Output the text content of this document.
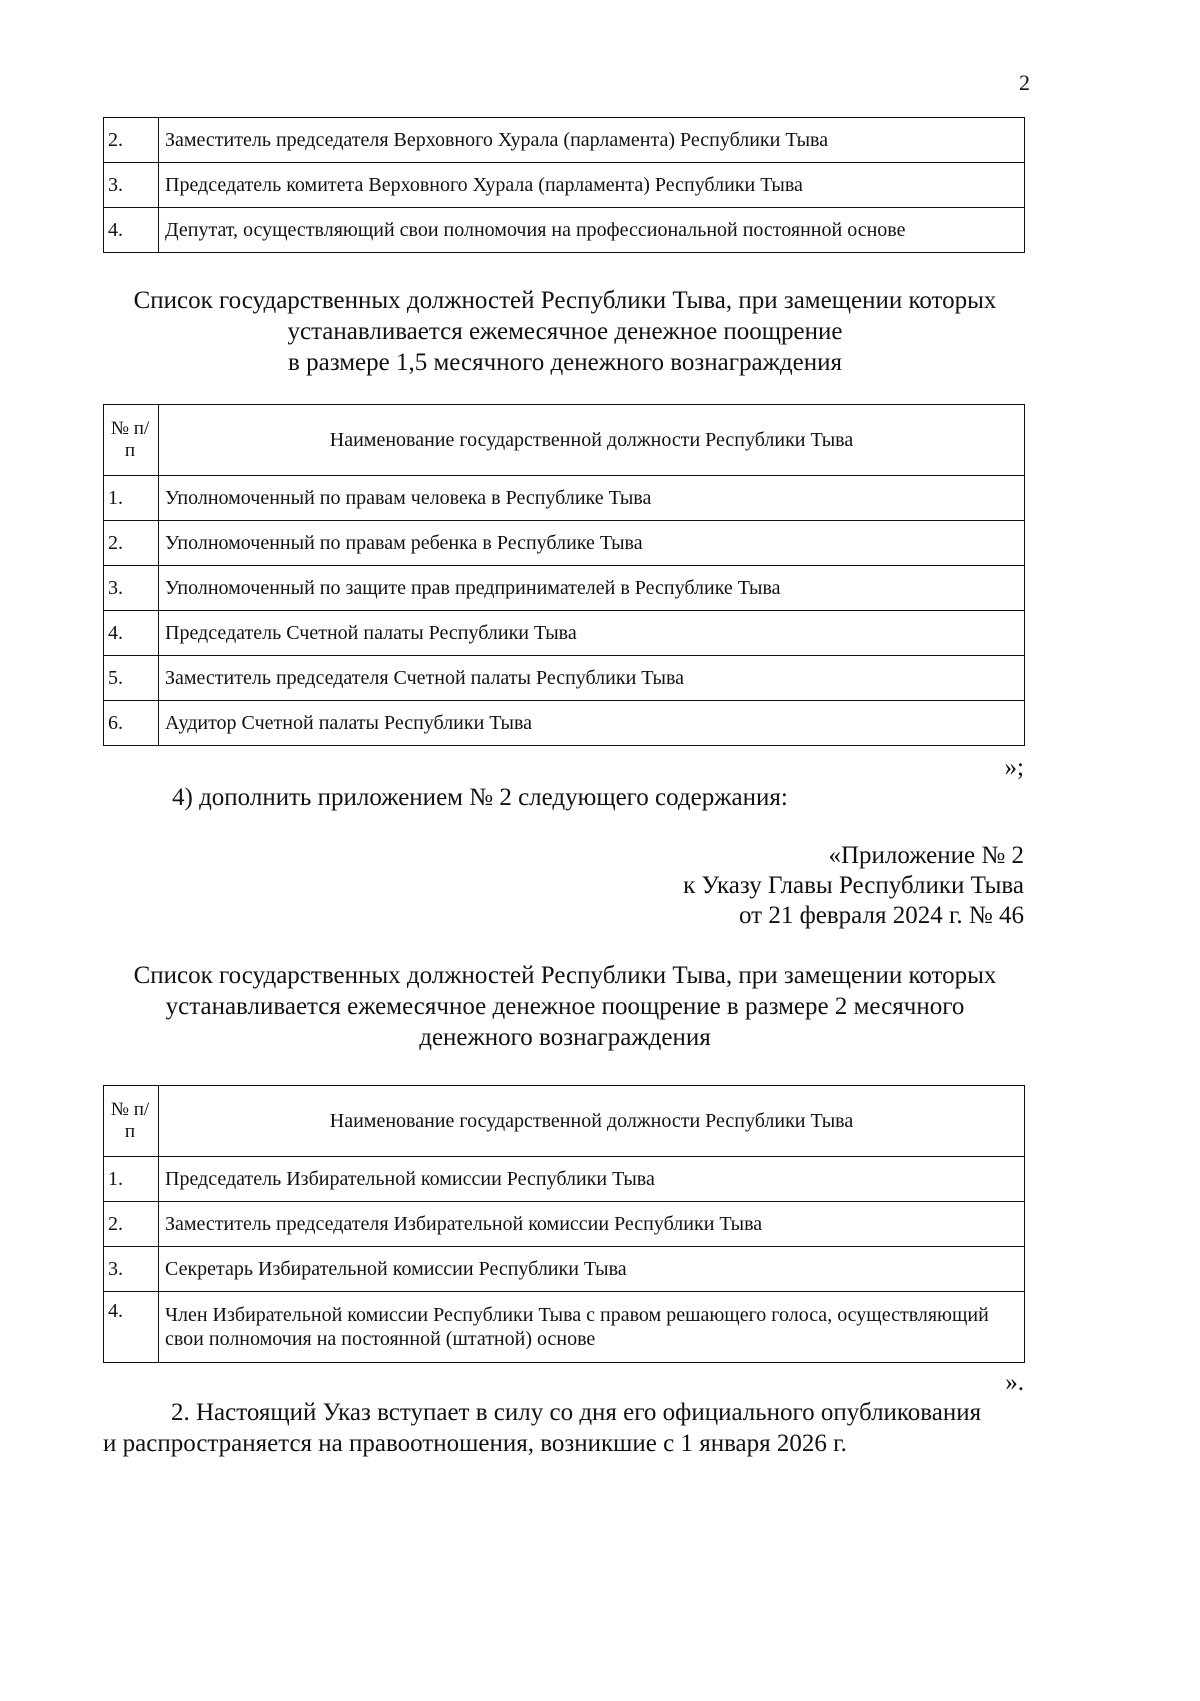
2
2.	Заместитель председателя Верховного Хурала (парламента) Республики Тыва
3.	Председатель комитета Верховного Хурала (парламента) Республики Тыва
4.	Депутат, осуществляющий свои полномочия на профессиональной постоянной основе
Список государственных должностей Республики Тыва, при замещении которых
устанавливается ежемесячное денежное поощрение
в размере 1,5 месячного денежного вознаграждения
№ п/п	Наименование государственной должности Республики Тыва
1.	Уполномоченный по правам человека в Республике Тыва
2.	Уполномоченный по правам ребенка в Республике Тыва
3.	Уполномоченный по защите прав предпринимателей в Республике Тыва
4.	Председатель Счетной палаты Республики Тыва
5.	Заместитель председателя Счетной палаты Республики Тыва
6.	Аудитор Счетной палаты Республики Тыва
»;
4) дополнить приложением № 2 следующего содержания:
«Приложение № 2
к Указу Главы Республики Тыва
от 21 февраля 2024 г. № 46
Список государственных должностей Республики Тыва, при замещении которых
устанавливается ежемесячное денежное поощрение в размере 2 месячного
денежного вознаграждения
№ п/п	Наименование государственной должности Республики Тыва
1.	Председатель Избирательной комиссии Республики Тыва
2.	Заместитель председателя Избирательной комиссии Республики Тыва
3.	Секретарь Избирательной комиссии Республики Тыва
4.	Член Избирательной комиссии Республики Тыва с правом решающего голоса, осуществляющий свои полномочия на постоянной (штатной) основе
».
2. Настоящий Указ вступает в силу со дня его официального опубликования
и распространяется на правоотношения, возникшие с 1 января 2026 г.
